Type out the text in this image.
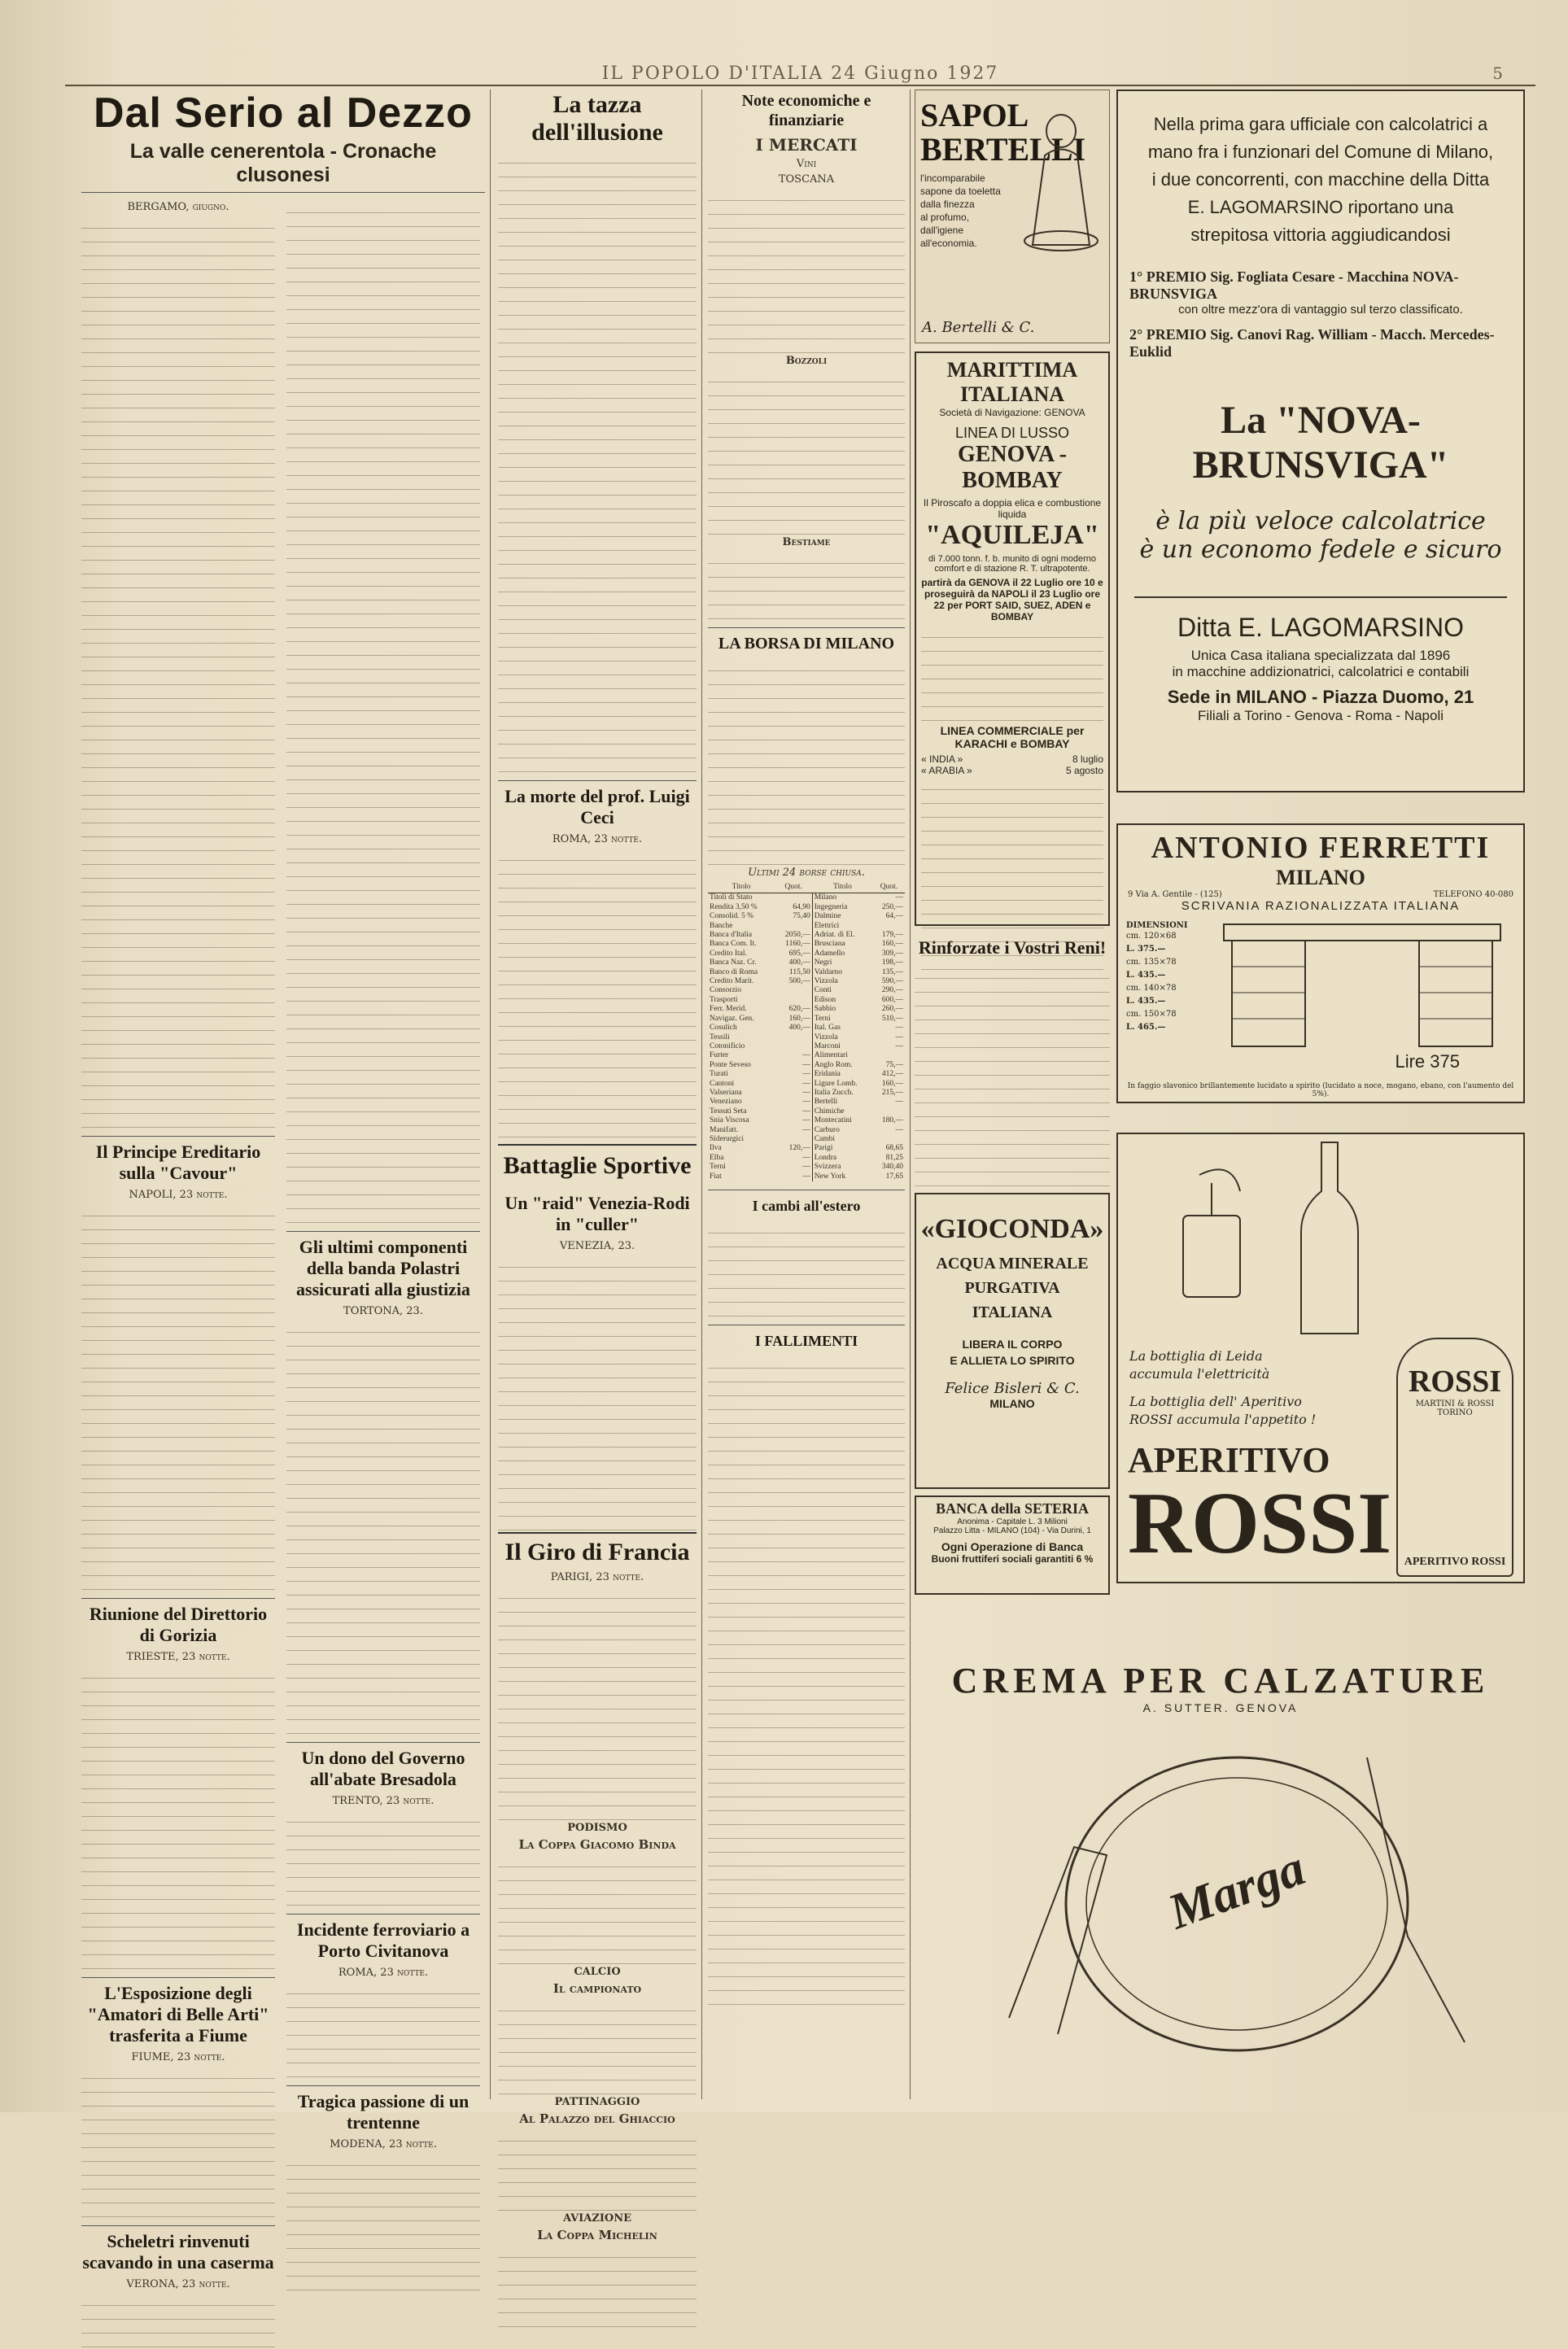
IL POPOLO D'ITALIA 24 Giugno 1927	5
Dal Serio al Dezzo
La valle cenerentola - Cronache clusonesi
BERGAMO, giugno.
Il Principe Ereditario sulla "Cavour"
NAPOLI, 23 notte.
Riunione del Direttorio di Gorizia
TRIESTE, 23 notte.
L'Esposizione degli "Amatori di Belle Arti" trasferita a Fiume
FIUME, 23 notte.
Scheletri rinvenuti scavando in una caserma
VERONA, 23 notte.
Gli ultimi componenti della banda Polastri assicurati alla giustizia
TORTONA, 23.
Un dono del Governo all'abate Bresadola
TRENTO, 23 notte.
Incidente ferroviario a Porto Civitanova
ROMA, 23 notte.
Tragica passione di un trentenne
MODENA, 23 notte.
La tazza dell'illusione
La morte del prof. Luigi Ceci
ROMA, 23 notte.
Battaglie Sportive
Un "raid" Venezia-Rodi in "culler"
VENEZIA, 23.
Il Giro di Francia
PARIGI, 23 notte.
PODISMO
La Coppa Giacomo Binda
CALCIO
Il campionato
PATTINAGGIO
Al Palazzo del Ghiaccio
AVIAZIONE
La Coppa Michelin
Note economiche e finanziarie
I MERCATI
Vini
TOSCANA
Bozzoli
Bestiame
LA BORSA DI MILANO
Ultimi 24 borse chiusa.
Titolo	Quot.	Titolo	Quot.
Titoli di Stato		Milano	—
Rendita 3,50 %	64,90	Ingegneria	250,—
Consolid. 5 %	75,40	Dalmine	64,—
Banche		Elettrici	
Banca d'Italia	2050,—	Adriat. di El.	179,—
Banca Com. It.	1160,—	Brusciana	160,—
Credito Ital.	695,—	Adamello	309,—
Banca Naz. Cr.	400,—	Negri	198,—
Banco di Roma	115,50	Valdarno	135,—
Credito Marit.	500,—	Vizzola	590,—
Consorzio		Conti	290,—
Trasporti		Edison	600,—
Ferr. Merid.	620,—	Sabbio	260,—
Navigaz. Gen.	160,—	Terni	510,—
Cosulich	400,—	Ital. Gas	—
Tessili		Vizzola	—
Cotonificio		Marconi	—
Furter	—	Alimentari	
Ponte Seveso	—	Anglo Rom.	75,—
Turati	—	Eridania	412,—
Cantoni	—	Ligure Lomb.	160,—
Valseriana	—	Italia Zucch.	215,—
Veneziano	—	Bertelli	—
Tessuti Seta	—	Chimiche	
Snia Viscosa	—	Montecatini	180,—
Manifatt.	—	Carburo	—
Siderurgici		Cambi	
Ilva	120,—	Parigi	68,65
Elba	—	Londra	81,25
Terni	—	Svizzera	340,40
Fiat	—	New York	17,65
I cambi all'estero
I FALLIMENTI
SAPOL BERTELLI
l'incomparabile
sapone da toeletta
dalla finezza
al profumo,
dall'igiene
all'economia.
A. Bertelli & C.
MARITTIMA ITALIANA
Società di Navigazione: GENOVA
LINEA DI LUSSO
GENOVA - BOMBAY
Il Piroscafo a doppia elica e combustione liquida
"AQUILEJA"
di 7.000 tonn. f. b. munito di ogni moderno comfort e di stazione R. T. ultrapotente.
partirà da GENOVA il 22 Luglio ore 10 e proseguirà da NAPOLI il 23 Luglio ore 22 per PORT SAID, SUEZ, ADEN e BOMBAY
LINEA COMMERCIALE per KARACHI e BOMBAY
« INDIA »	8 luglio
« ARABIA »	5 agosto
Rinforzate i Vostri Reni!
«GIOCONDA»
ACQUA MINERALE
PURGATIVA
ITALIANA
LIBERA IL CORPO
E ALLIETA LO SPIRITO
Felice Bisleri & C.
MILANO
BANCA della SETERIA
Anonima - Capitale L. 3 Milioni
Palazzo Litta - MILANO (104) - Via Durini, 1
Ogni Operazione di Banca
Buoni fruttiferi sociali garantiti 6 %
Nella prima gara ufficiale con calcolatrici a mano fra i funzionari del Comune di Milano, i due concorrenti, con macchine della Ditta E. LAGOMARSINO riportano una strepitosa vittoria aggiudicandosi
1° PREMIO Sig. Fogliata Cesare - Macchina NOVA-BRUNSVIGA
con oltre mezz'ora di vantaggio sul terzo classificato.
2° PREMIO Sig. Canovi Rag. William - Macch. Mercedes-Euklid
La "NOVA-BRUNSVIGA"
è la più veloce calcolatrice
è un economo fedele e sicuro
Ditta E. LAGOMARSINO
Unica Casa italiana specializzata dal 1896
in macchine addizionatrici, calcolatrici e contabili
Sede in MILANO - Piazza Duomo, 21
Filiali a Torino - Genova - Roma - Napoli
ANTONIO FERRETTI
MILANO
9 Via A. Gentile - (125)	TELEFONO 40-080
SCRIVANIA RAZIONALIZZATA ITALIANA
DIMENSIONI
cm. 120×68
L. 375.—
cm. 135×78
L. 435.—
cm. 140×78
L. 435.—
cm. 150×78
L. 465.—
Lire 375
In faggio slavonico brillantemente lucidato a spirito (lucidato a noce, mogano, ebano, con l'aumento del 5%).
La bottiglia di Leida
accumula l'elettricità
La bottiglia dell' Aperitivo
ROSSI accumula l'appetito !
APERITIVO
ROSSI
ROSSI
MARTINI & ROSSI
TORINO
APERITIVO ROSSI
CREMA PER CALZATURE
A. SUTTER. GENOVA
Marga
